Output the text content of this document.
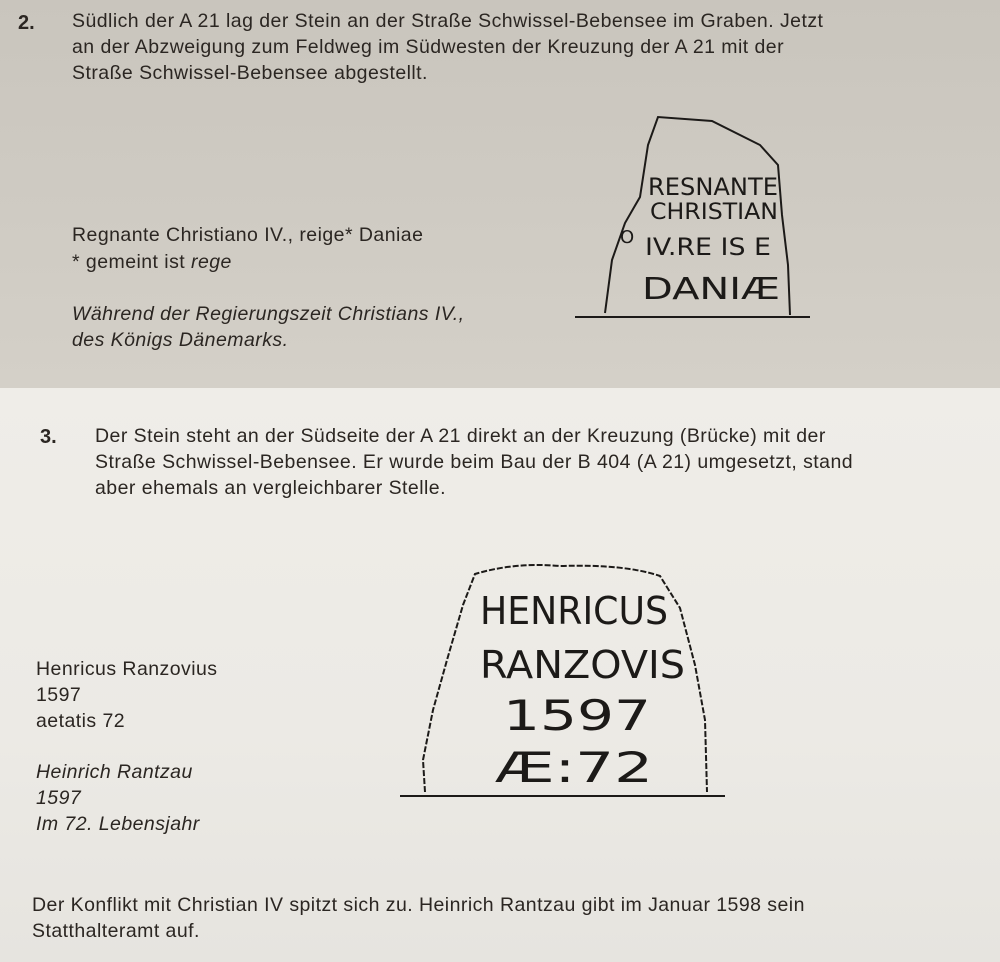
2. Südlich der A 21 lag der Stein an der Straße Schwissel-Bebensee im Graben. Jetzt
an der Abzweigung zum Feldweg im Südwesten der Kreuzung der A 21 mit der
Straße Schwissel-Bebensee abgestellt.

Regnante Christiano IV., reige* Daniae
* gemeint ist rege

Während der Regierungszeit Christians IV.,
des Königs Dänemarks.

RESNANTE
CHRISTIAN
O IV.RE IS E
DANIÆ
3. Der Stein steht an der Südseite der A 21 direkt an der Kreuzung (Brücke) mit der
Straße Schwissel-Bebensee. Er wurde beim Bau der B 404 (A 21) umgesetzt, stand
aber ehemals an vergleichbarer Stelle.

Henricus Ranzovius
1597
aetatis 72

Heinrich Rantzau
1597
Im 72. Lebensjahr

HENRICUS
RANZOVIS
1597
Æ:72

Der Konflikt mit Christian IV spitzt sich zu. Heinrich Rantzau gibt im Januar 1598 sein
Statthalteramt auf.
